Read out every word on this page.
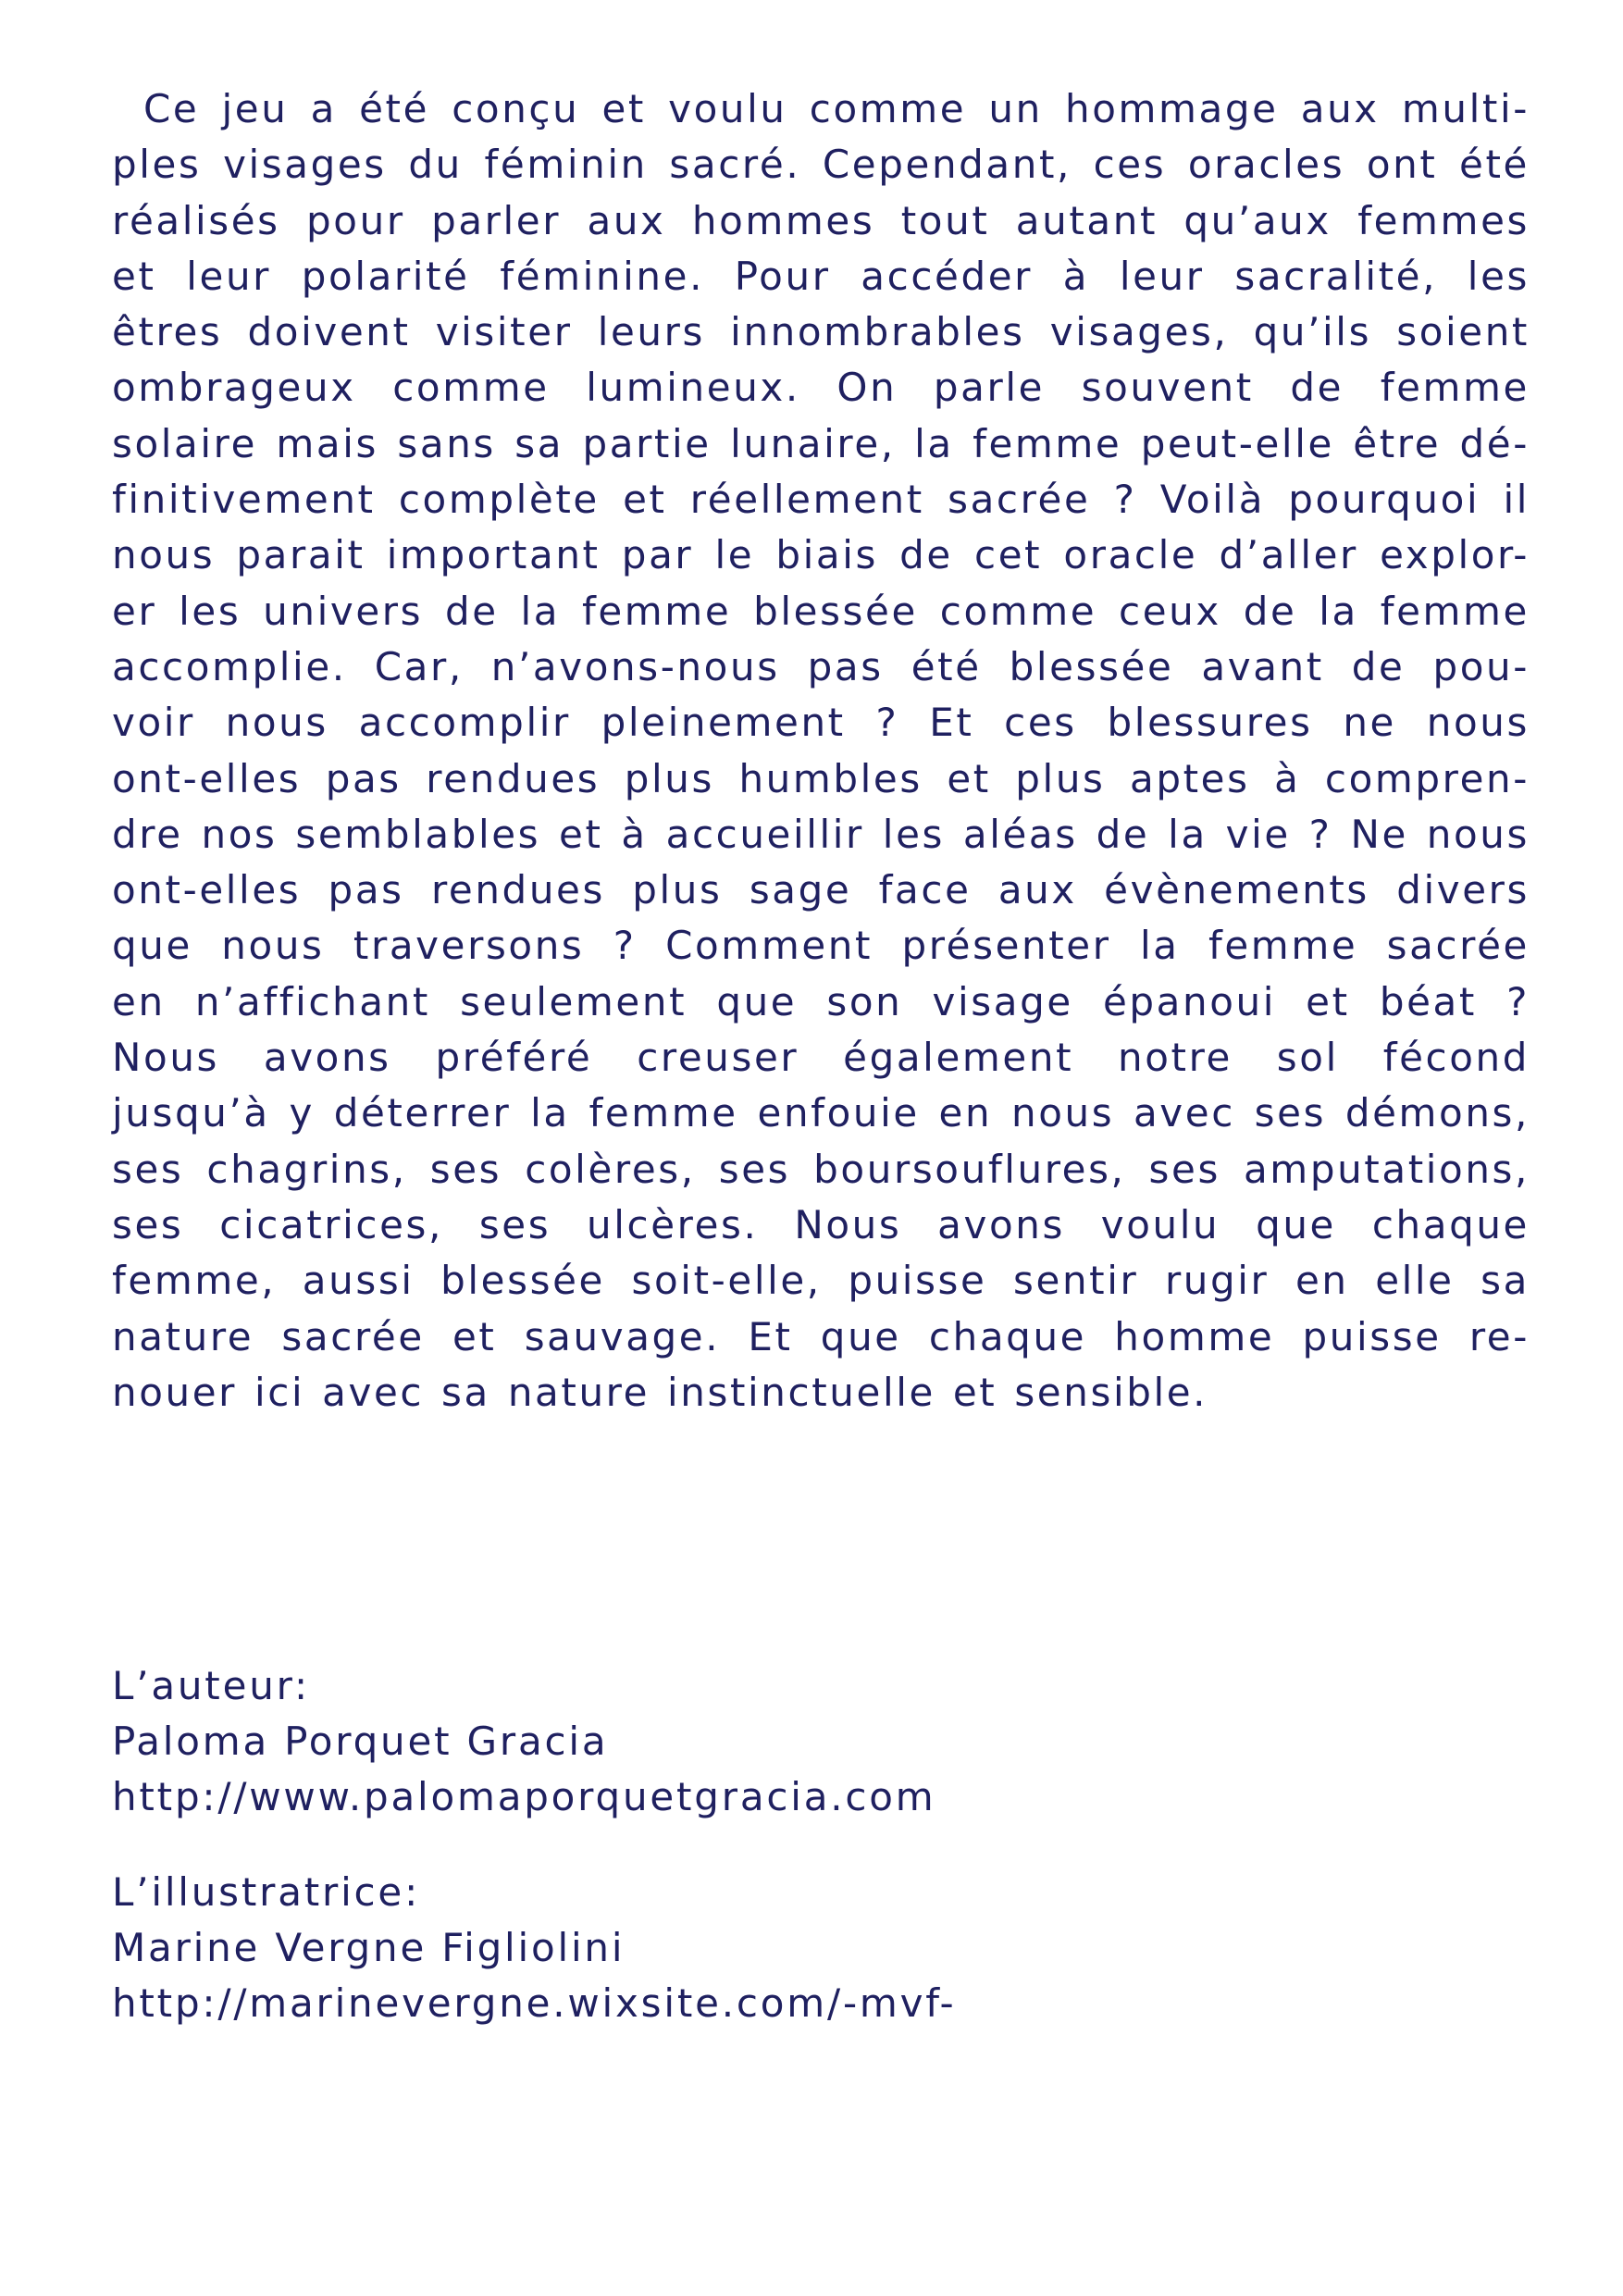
Ce jeu a été conçu et voulu comme un hommage aux multi-
ples visages du féminin sacré. Cependant, ces oracles ont été
réalisés pour parler aux hommes tout autant qu’aux femmes
et leur polarité féminine. Pour accéder à leur sacralité, les
êtres doivent visiter leurs innombrables visages, qu’ils soient
ombrageux comme lumineux. On parle souvent de femme
solaire mais sans sa partie lunaire, la femme peut-elle être dé-
finitivement complète et réellement sacrée ? Voilà pourquoi il
nous parait important par le biais de cet oracle d’aller explor-
er les univers de la femme blessée comme ceux de la femme
accomplie. Car, n’avons-nous pas été blessée avant de pou-
voir nous accomplir pleinement ? Et ces blessures ne nous
ont-elles pas rendues plus humbles et plus aptes à compren-
dre nos semblables et à accueillir les aléas de la vie ? Ne nous
ont-elles pas rendues plus sage face aux évènements divers
que nous traversons ? Comment présenter la femme sacrée
en n’affichant seulement que son visage épanoui et béat ?
Nous avons préféré creuser également notre sol fécond
jusqu’à y déterrer la femme enfouie en nous avec ses démons,
ses chagrins, ses colères, ses boursouflures, ses amputations,
ses cicatrices, ses ulcères. Nous avons voulu que chaque
femme, aussi blessée soit-elle, puisse sentir rugir en elle sa
nature sacrée et sauvage. Et que chaque homme puisse re-
nouer ici avec sa nature instinctuelle et sensible.
L’auteur:
Paloma Porquet Gracia
http://www.palomaporquetgracia.com
L’illustratrice:
Marine Vergne Figliolini
http://marinevergne.wixsite.com/-mvf-
